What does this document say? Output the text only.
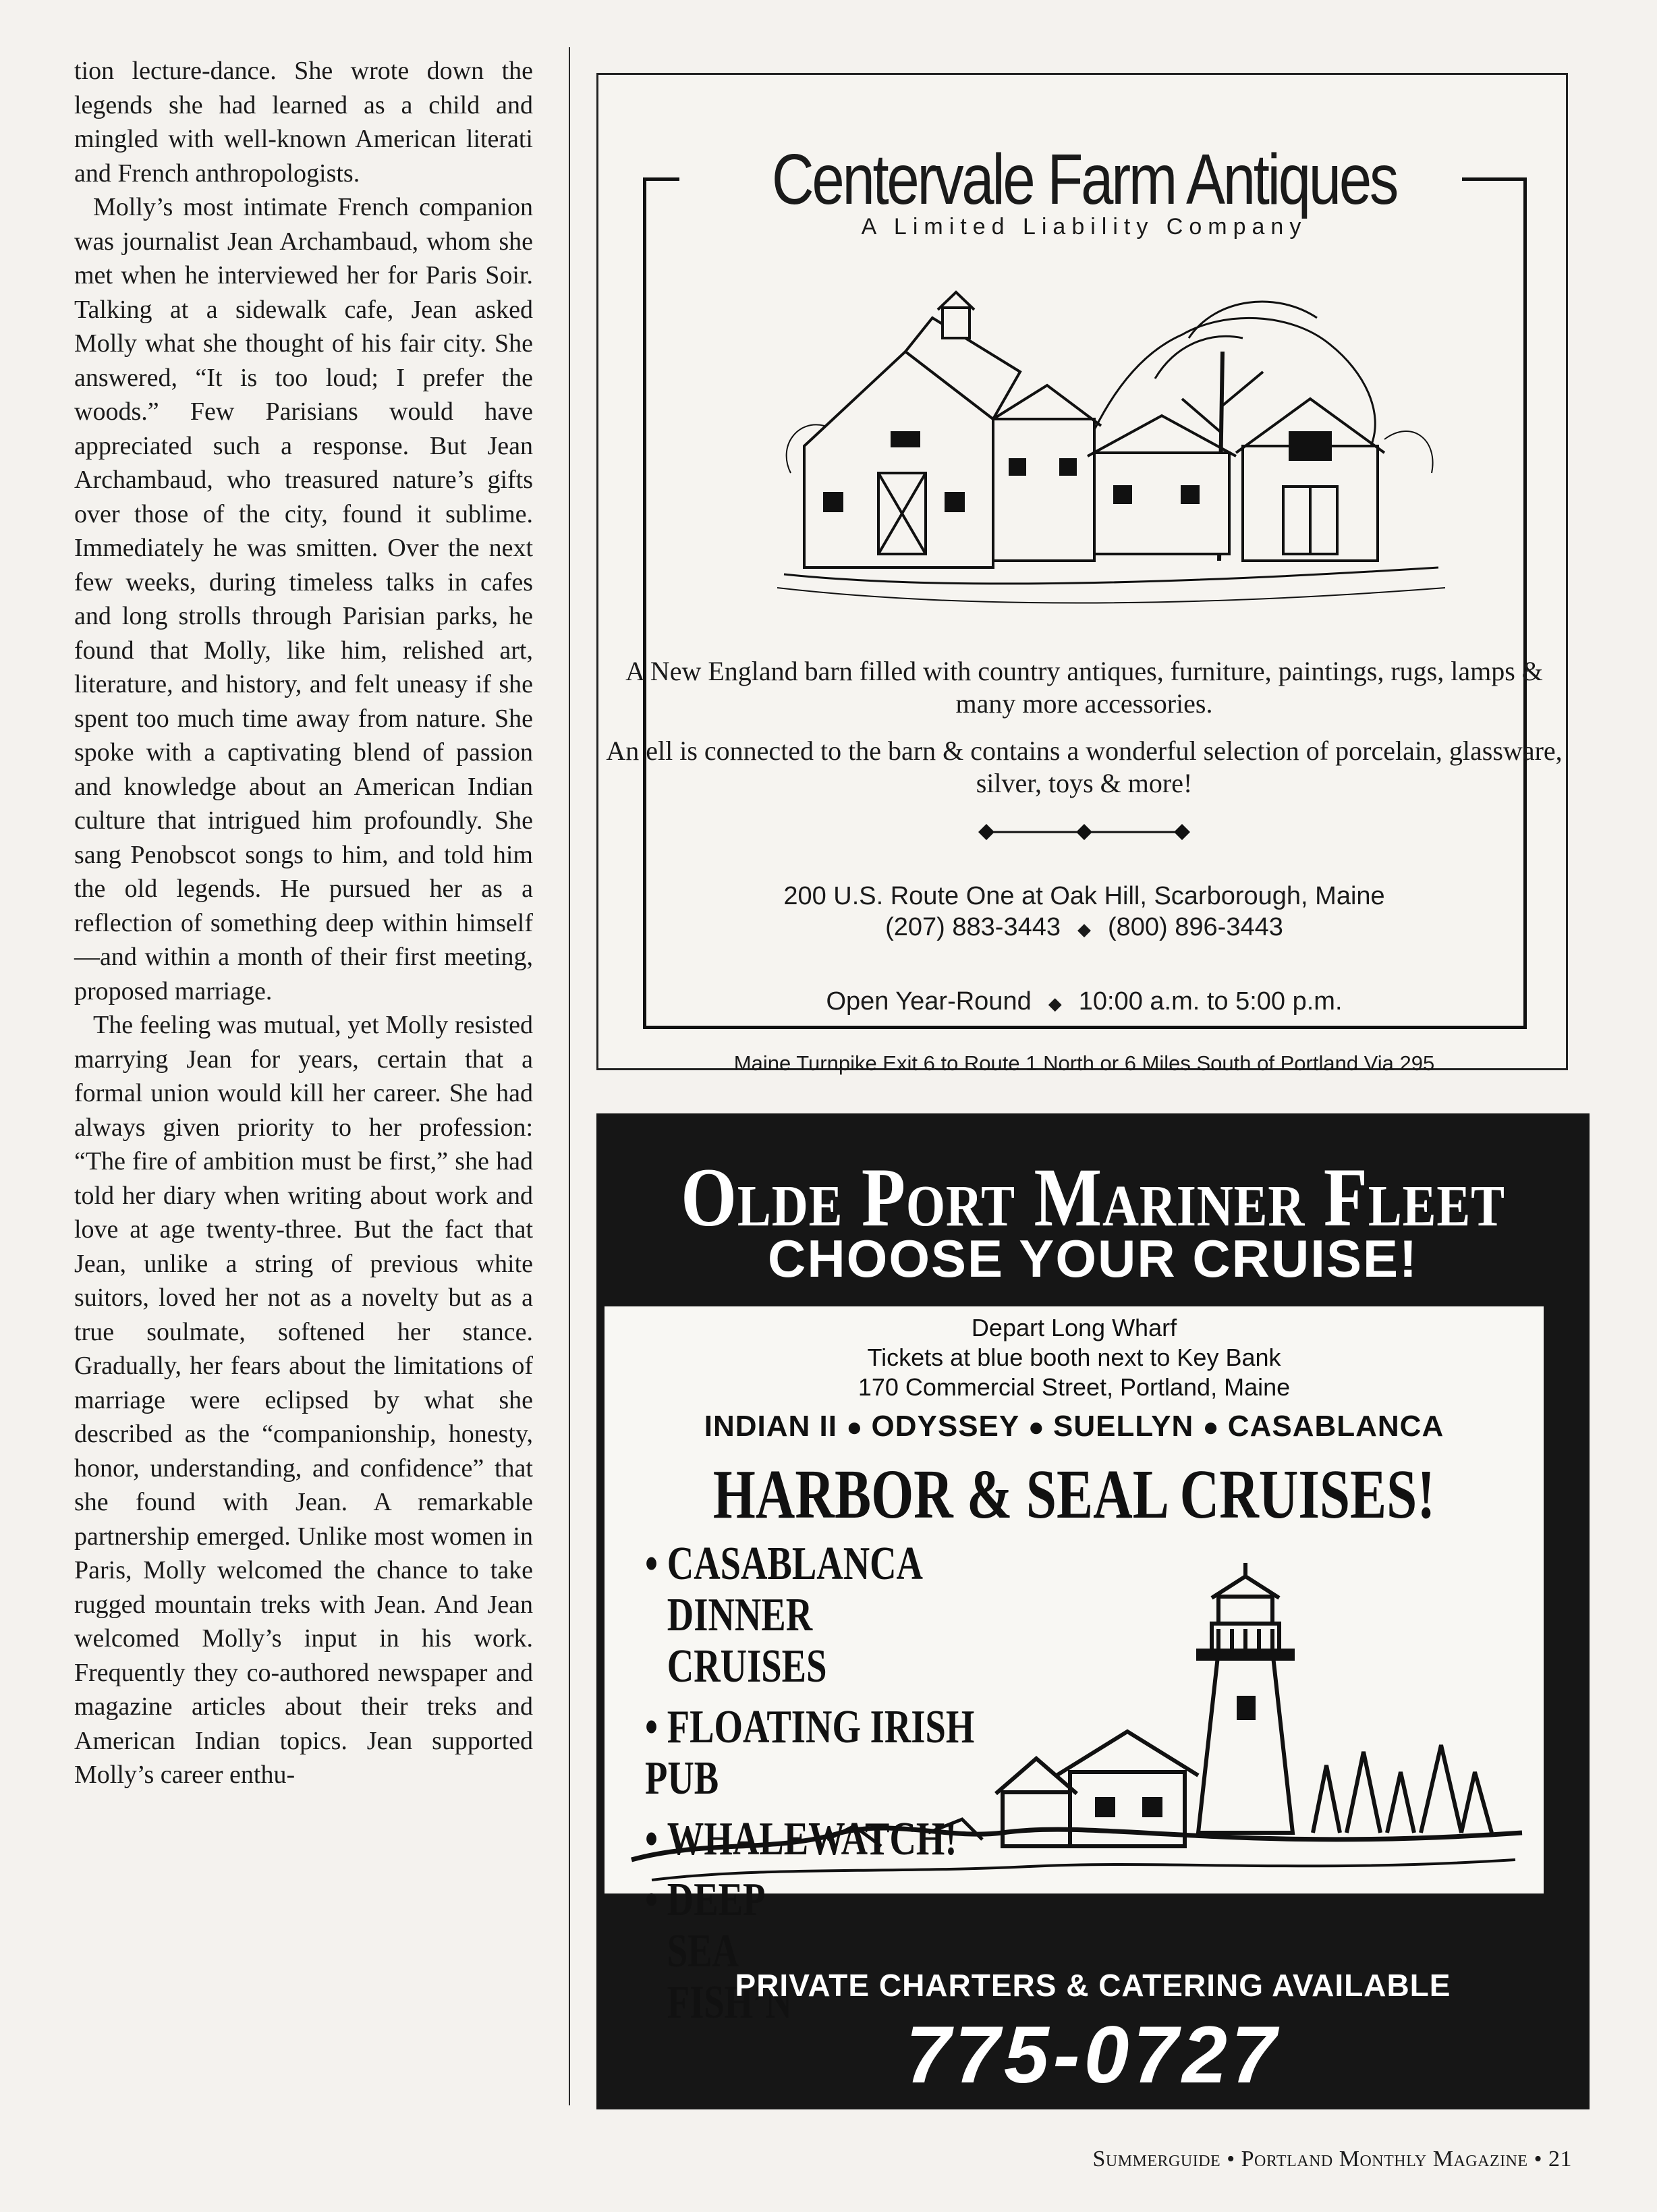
tion lecture-dance. She wrote down the legends she had learned as a child and mingled with well-known American literati and French anthropologists.

Molly’s most intimate French companion was journalist Jean Archambaud, whom she met when he interviewed her for Paris Soir. Talking at a sidewalk cafe, Jean asked Molly what she thought of his fair city. She answered, “It is too loud; I prefer the woods.” Few Parisians would have appreciated such a response. But Jean Archambaud, who treasured nature’s gifts over those of the city, found it sublime. Immediately he was smitten. Over the next few weeks, during timeless talks in cafes and long strolls through Parisian parks, he found that Molly, like him, relished art, literature, and history, and felt uneasy if she spent too much time away from nature. She spoke with a captivating blend of passion and knowledge about an American Indian culture that intrigued him profoundly. She sang Penobscot songs to him, and told him the old legends. He pursued her as a reflection of something deep within himself—and within a month of their first meeting, proposed marriage.

The feeling was mutual, yet Molly resisted marrying Jean for years, certain that a formal union would kill her career. She had always given priority to her profession: “The fire of ambition must be first,” she had told her diary when writing about work and love at age twenty-three. But the fact that Jean, unlike a string of previous white suitors, loved her not as a novelty but as a true soulmate, softened her stance. Gradually, her fears about the limitations of marriage were eclipsed by what she described as the “companionship, honesty, honor, understanding, and confidence” that she found with Jean. A remarkable partnership emerged. Unlike most women in Paris, Molly welcomed the chance to take rugged mountain treks with Jean. And Jean welcomed Molly’s input in his work. Frequently they co-authored newspaper and magazine articles about their treks and American Indian topics. Jean supported Molly’s career enthu-

Centervale Farm Antiques
A Limited Liability Company
A New England barn filled with country antiques, furniture, paintings, rugs, lamps & many more accessories.
An ell is connected to the barn & contains a wonderful selection of porcelain, glassware, silver, toys & more!
200 U.S. Route One at Oak Hill, Scarborough, Maine
(207) 883-3443   ◆   (800) 896-3443
Open Year-Round   ◆   10:00 a.m. to 5:00 p.m.
Maine Turnpike Exit 6 to Route 1 North or 6 Miles South of Portland Via 295
Olde Port Mariner Fleet
CHOOSE YOUR CRUISE!
Depart Long Wharf
Tickets at blue booth next to Key Bank
170 Commercial Street, Portland, Maine
INDIAN II ● ODYSSEY ● SUELLYN ● CASABLANCA
HARBOR & SEAL CRUISES!
• CASABLANCA DINNER CRUISES
• FLOATING IRISH PUB
• WHALEWATCH!
• DEEP SEA FISH’N
PRIVATE CHARTERS & CATERING AVAILABLE
775-0727
Summerguide • Portland Monthly Magazine • 21
